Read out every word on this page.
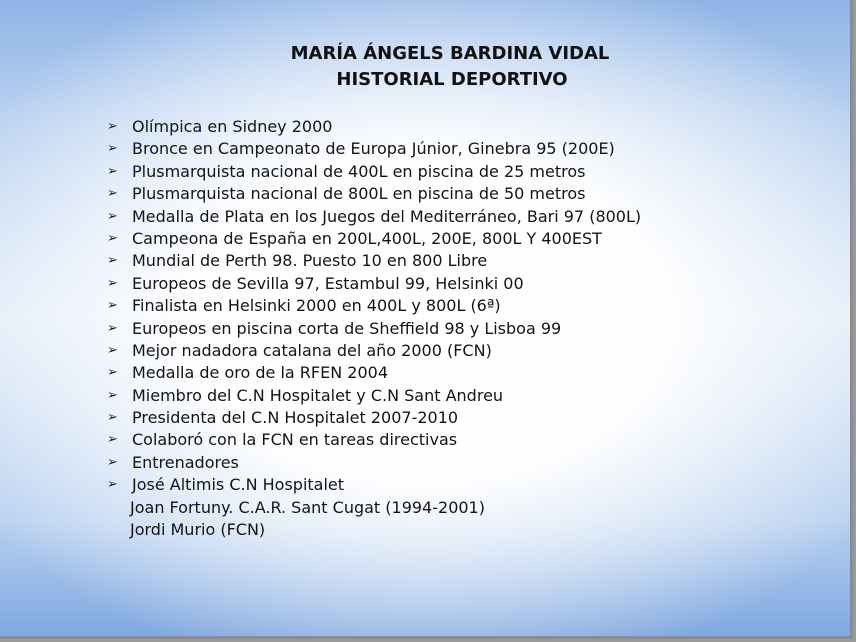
MARÍA ÁNGELS BARDINA VIDAL
HISTORIAL DEPORTIVO
➢ Olímpica en Sidney 2000
➢ Bronce en Campeonato de Europa Júnior, Ginebra 95 (200E)
➢ Plusmarquista nacional de 400L en piscina de 25 metros
➢ Plusmarquista nacional de 800L en piscina de 50 metros
➢ Medalla de Plata en los Juegos del Mediterráneo, Bari 97 (800L)
➢ Campeona de España en 200L,400L, 200E, 800L Y 400EST
➢ Mundial de Perth 98. Puesto 10 en 800 Libre
➢ Europeos de Sevilla 97, Estambul 99, Helsinki 00
➢ Finalista en Helsinki 2000 en 400L y 800L (6ª)
➢ Europeos en piscina corta de Sheffield 98 y Lisboa 99
➢ Mejor nadadora catalana del año 2000 (FCN)
➢ Medalla de oro de la RFEN 2004
➢ Miembro del C.N Hospitalet y C.N Sant Andreu
➢ Presidenta del C.N Hospitalet 2007-2010
➢ Colaboró con la FCN en tareas directivas
➢ Entrenadores
➢ José Altimis C.N Hospitalet
Joan Fortuny. C.A.R. Sant Cugat (1994-2001)
Jordi Murio (FCN)
